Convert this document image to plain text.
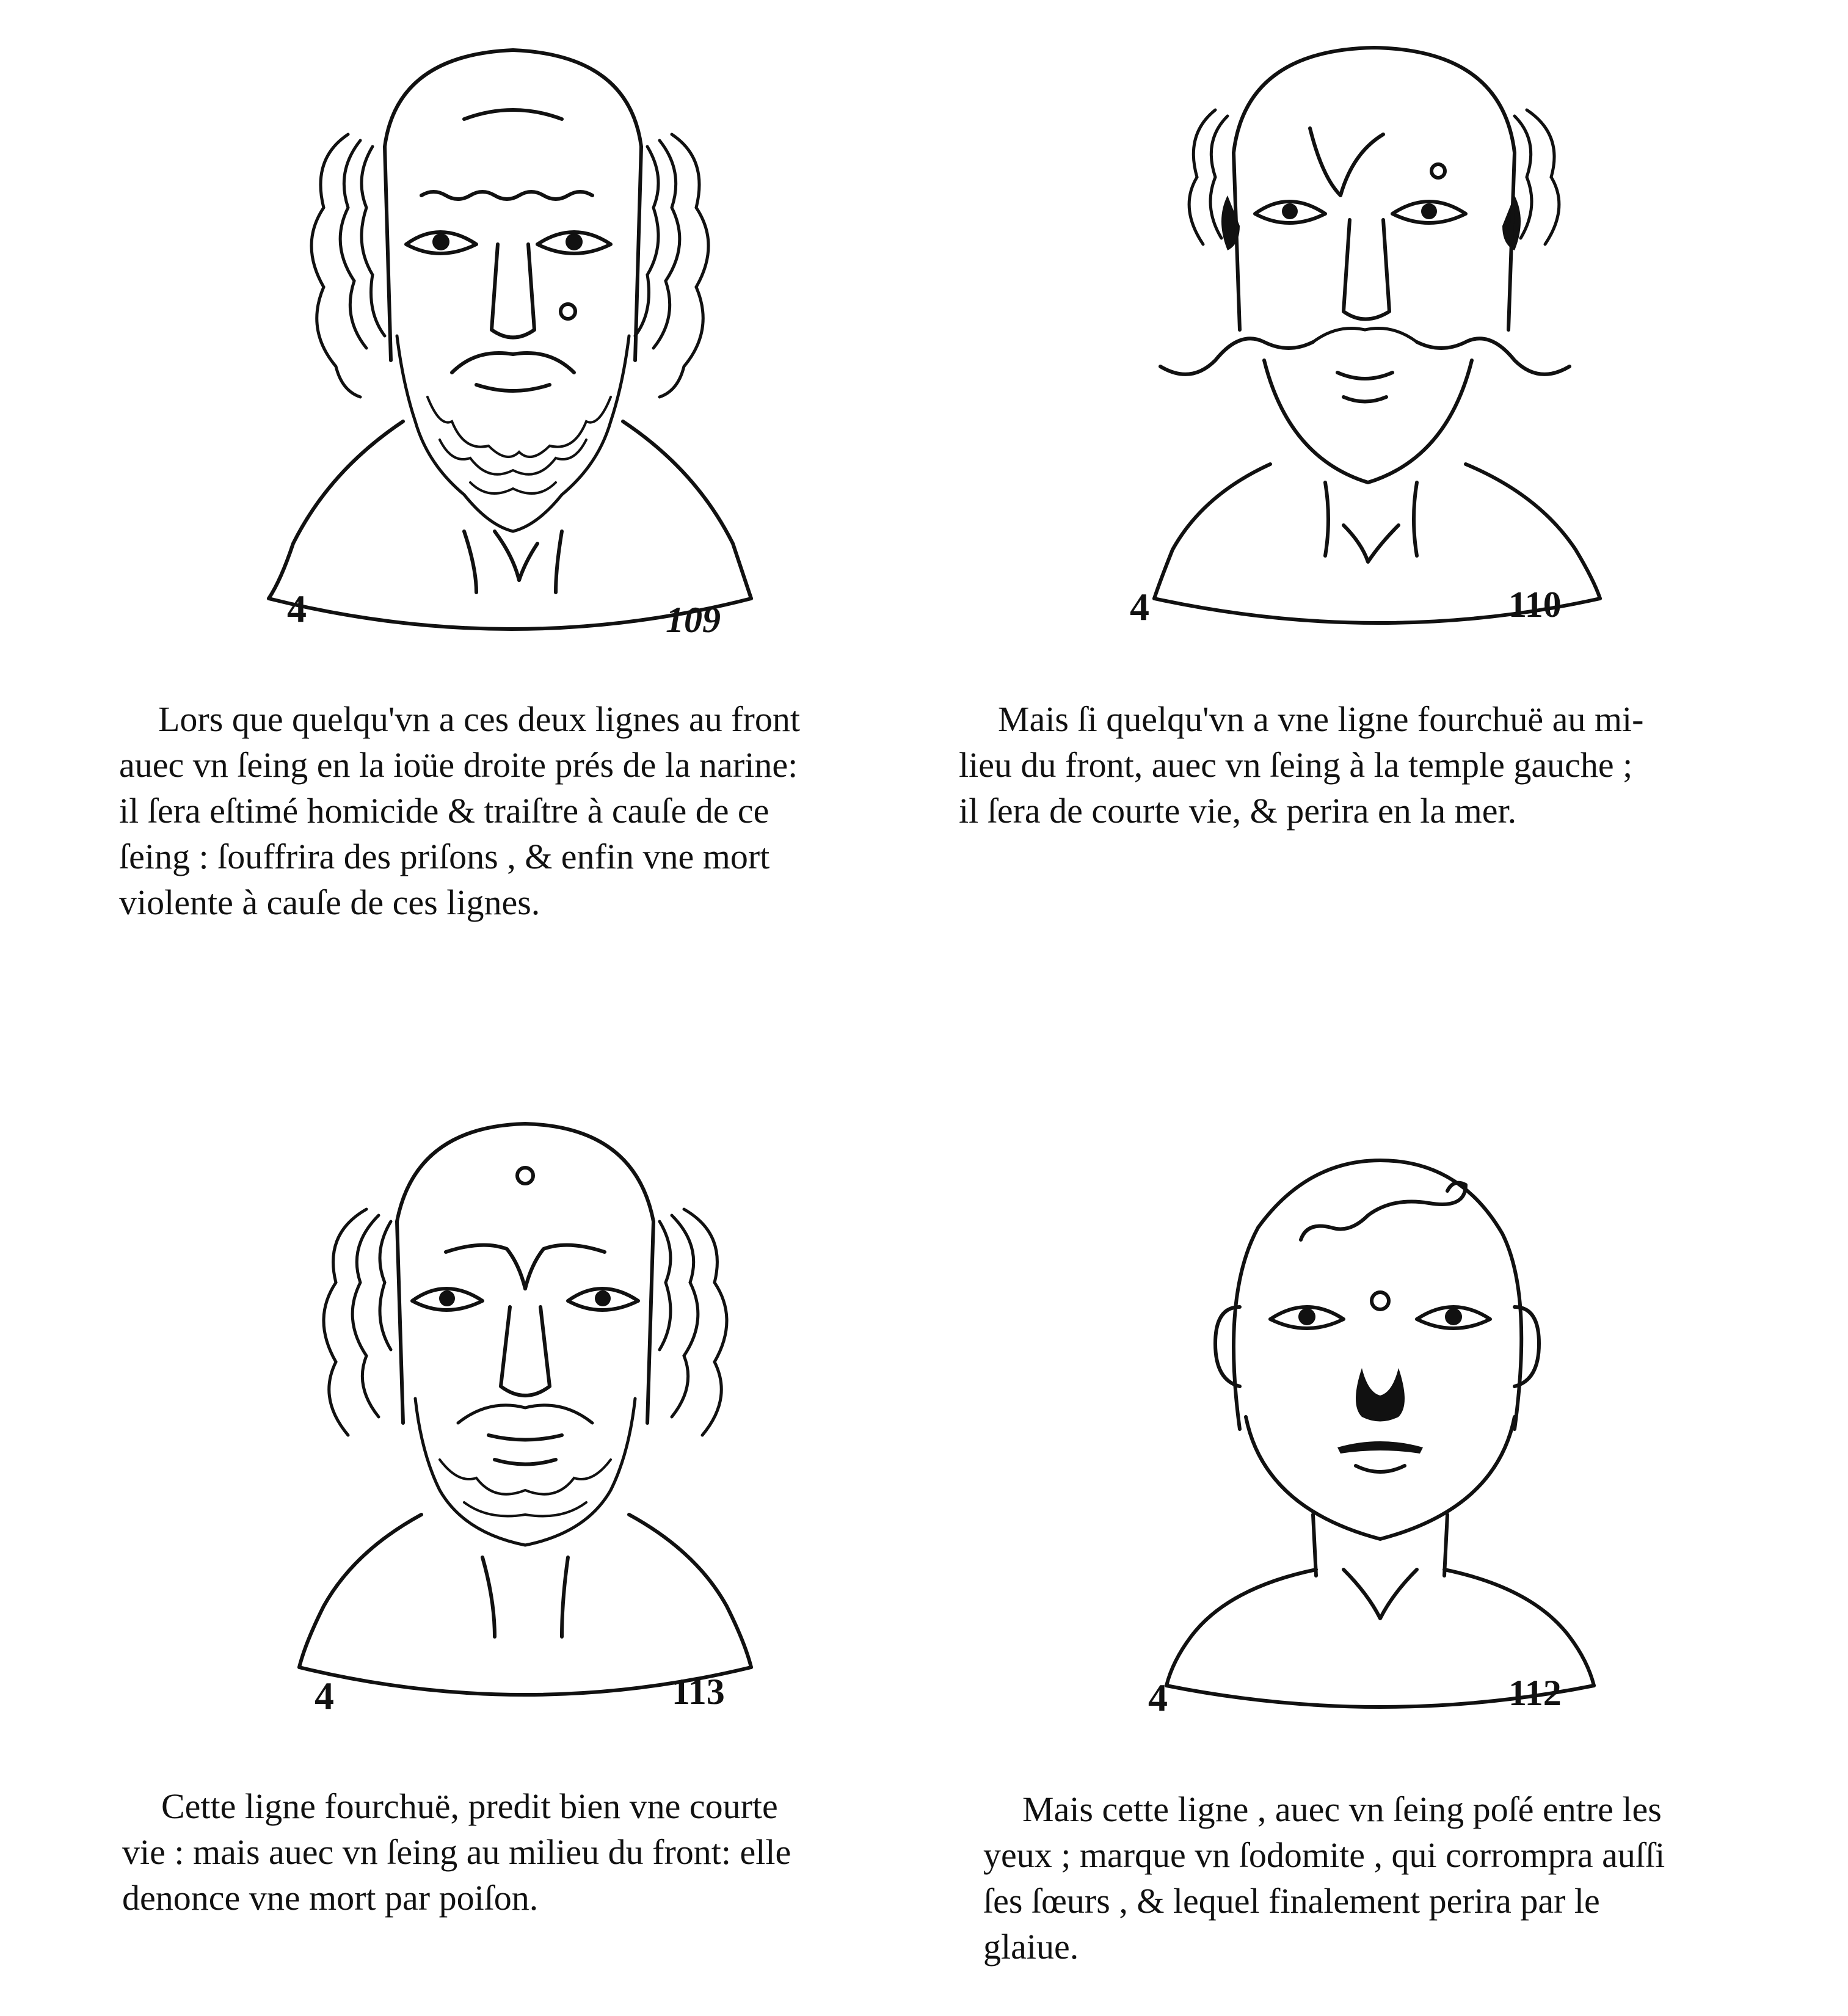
4	109	4	110
Lors que quelqu'vn a ces deux lignes au front
auec vn ſeing en la ioüe droite prés de la narine:
il ſera eſtimé homicide & traiſtre à cauſe de ce
ſeing : ſouffrira des priſons , & enfin vne mort
violente à cauſe de ces lignes.
Mais ſi quelqu'vn a vne ligne fourchuë au mi-
lieu du front, auec vn ſeing à la temple gauche ;
il ſera de courte vie, & perira en la mer.
4	113	4	112
Cette ligne fourchuë, predit bien vne courte
vie : mais auec vn ſeing au milieu du front: elle
denonce vne mort par poiſon.
Mais cette ligne , auec vn ſeing poſé entre les
yeux ; marque vn ſodomite , qui corrompra auſſi
ſes ſœurs , & lequel finalement perira par le
glaiue.
